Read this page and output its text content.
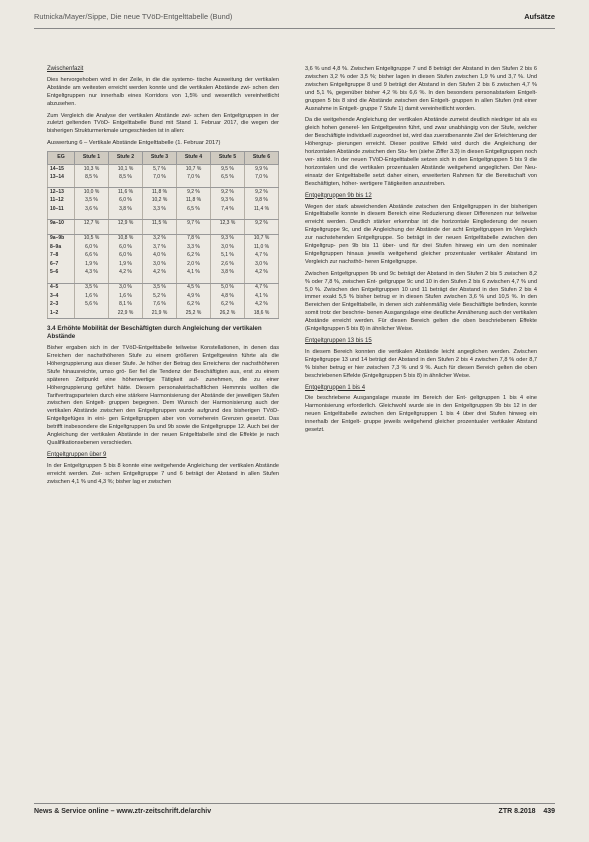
Rutnicka/Mayer/Sippe, Die neue TVöD-Entgelttabelle (Bund)	Aufsätze
Zwischenfazit

Dies hervorgehoben wird in der Zeile, in die die systemo- tische Ausweitung der vertikalen Abstände am weitesten erreicht werden konnte und die vertikalen Abstände zwi- schen den Entgeltgruppen nur innerhalb eines Korridors von 1,5% und wesentlich vereinheitlicht abzusehen.

Zum Vergleich die Analyse der vertikalen Abstände zwi- schen den Entgeltgruppen in der zuletzt geltenden TVöD- Entgelttabelle Bund mit Stand 1. Februar 2017, die wegen der bisherigen Strukturmerkmale umgeschieden ist in allen:

Auswertung 6 – Vertikale Abstände Entgelttabelle (1. Februar 2017)
EG	Stufe 1	Stufe 2	Stufe 3	Stufe 4	Stufe 5	Stufe 6
14–15	10,3 %	10,1 %	5,7 %	10,7 %	9,5 %	9,9 %
13–14	8,5 %	8,5 %	7,0 %	7,0 %	6,5 %	7,0 %

12–13	10,0 %	11,6 %	11,8 %	9,2 %	9,2 %	9,2 %
11–12	3,5 %	6,0 %	10,2 %	11,8 %	9,3 %	9,8 %
10–11	3,6 %	3,8 %	3,3 %	6,5 %	7,4 %	11,4 %

9a–10	12,7 %	12,9 %	11,5 %	9,7 %	12,3 %	9,2 %

9a–9b	10,5 %	10,8 %	3,2 %	7,8 %	9,3 %	10,7 %
8–9a	6,0 %	6,0 %	3,7 %	3,3 %	3,0 %	11,0 %
7–8	6,6 %	6,0 %	4,0 %	6,2 %	5,1 %	4,7 %
6–7	1,9 %	1,9 %	3,0 %	2,0 %	2,6 %	3,0 %
5–6	4,3 %	4,2 %	4,2 %	4,1 %	3,8 %	4,2 %

4–5	3,5 %	3,0 %	3,5 %	4,5 %	5,0 %	4,7 %
3–4	1,6 %	1,6 %	5,2 %	4,9 %	4,8 %	4,1 %
2–3	5,6 %	8,1 %	7,6 %	6,2 %	6,2 %	4,2 %
1–2		22,9 %	21,9 %	25,2 %	26,2 %	18,6 %
3.4 Erhöhte Mobilität der Beschäftigten durch Angleichung der vertikalen Abstände

Bisher ergaben sich in der TVöD-Entgelttabelle teilweise Konstellationen, in denen das Erreichen der nachsthöheren Stufe zu einem größeren Entgeltgewinn führte als die Höhergruppierung aus dieser Stufe. Je höher der Betrag des Erreichens der nachsthöheren Stufe hinausreichte, umso grö- ßer fiel die Tendenz der Beschäftigten aus, erst zu einem späteren Zeitpunkt eine höherwertige Tätigkeit auf- zunehmen, die zu einer Höhergruppierung geführt hätte. Diesem personalwirtschaftlichen Hemmnis wollten die Tarifvertragsparteien durch eine stärkere Harmonisierung der Abstände der jeweiligen Stufen zwischen den Entgelt- gruppen begegnen. Dem Wunsch der Harmonisierung auch der vertikalen Abstände zwischen den Entgeltgruppen wurde aufgrund des bisherigen TVöD-Entgeltgefüges in eini- gen Entgeltgruppen aber von vorneherein Grenzen gesetzt. Das betrifft insbesondere die Entgeltgruppen 9a und 9b sowie die Entgeltgruppe 12. Auch bei der Angleichung der vertikalen Abstände in der neuen Entgelttabelle sind die Effekte je nach Qualifikationsebenen verschieden.

Entgeltgruppen über 9

In der Entgeltgruppen 5 bis 8 konnte eine weitgehende Angleichung der vertikalen Abstände erreicht werden. Zwi- schen Entgeltgruppe 7 und 6 beträgt der Abstand in allen Stufen zwischen 4,1 % und 4,3 %; bisher lag er zwischen

3,6 % und 4,8 %. Zwischen Entgeltgruppe 7 und 8 beträgt der Abstand in den Stufen 2 bis 6 zwischen 3,2 % oder 3,5 %; bisher lagen in diesen Stufen zwischen 1,9 % und 3,7 %. Und zwischen Entgeltgruppe 8 und 9 beträgt der Abstand in den Stufen 2 bis 6 zwischen 4,7 % und 5,1 %, gegenüber bisher 4,2 % bis 6,6 %. In den besonders personalstarken Entgelt- gruppen 5 bis 8 sind die Abstände zwischen den Entgelt- gruppen in allen Stufen (mit einer Ausnahme in Entgelt- gruppe 7 Stufe 1) damit vereinheitlicht worden.

Da die weitgehende Angleichung der vertikalen Abstände zumeist deutlich niedriger ist als es gleich hohen generel- len Entgeltgewinn führt, und zwar unabhängig von der Stufe, welcher der Beschäftigte individuell zugeordnet ist, wird das zuerstbenannte Ziel der Erleichterung der Höhergrup- pierungen erreicht. Dieser positive Effekt wird durch die Angleichung der horizontalen Abstände zwischen den Stu- fen (siehe Ziffer 3.3) in diesen Entgeltgruppen noch ver- stärkt. In der neuen TVöD-Entgelttabelle setzen sich in den Entgeltgruppen 5 bis 9 die horizontalen und die vertikalen prozentualen Abstände weitgehend angeglichen. Der Neu- einsatz der Entgelttabelle setzt daher einen, erweiterten Rahmen für die Bereitschaft von Beschäftigten, höher- wertigere Tätigkeiten anzustreben.

Entgeltgruppen 9b bis 12

Wegen der stark abweichenden Abstände zwischen den Entgeltgruppen in der bisherigen Entgelttabelle konnte in diesem Bereich eine Reduzierung dieser Differenzen nur teilweise erreicht werden. Deutlich stärker erkennbar ist die horizontale Eingliederung der neuen Entgeltgruppe 9c, und die Angleichung der Abstände der acht Entgeltgruppen im Vergleich zur nachstehenden Entgeltgruppe. So beträgt in der neuen Entgelttabelle zwischen den Entgeltgrup- pen 9b bis 11 über- und für drei Stufen hinweg ein um den nominaler Entgeltgruppen hinaus jeweils weitgehend gleicher prozentualer vertikaler Abstand im Vergleich zur nachsthö- heren Entgeltgruppe.

Zwischen Entgeltgruppen 9b und 9c beträgt der Abstand in den Stufen 2 bis 5 zwischen 8,2 % oder 7,8 %, zwischen Ent- geltgruppe 9c und 10 in den Stufen 2 bis 6 zwischen 4,7 % und 5,0 %. Zwischen den Entgeltgruppen 10 und 11 beträgt der Abstand in den Stufen 2 bis 4 immer exakt 5,5 % bisher betrug er in diesen Stufen zwischen 3,6 % und 10,5 %. In den Bereichen der Entgelttabelle, in denen sich zahlenmäßig viele Beschäftigte befinden, konnte somit trotz der beschrie- benen Ausgangslage eine deutliche Annäherung auch der vertikalen Abstände erreicht werden. Für diesen Bereich gelten die oben beschriebenen Effekte (Entgeltgruppen 5 bis 8) in ähnlicher Weise.

Entgeltgruppen 13 bis 15

In diesem Bereich konnten die vertikalen Abstände leicht angeglichen werden. Zwischen Entgeltgruppe 13 und 14 beträgt der Abstand in den Stufen 2 bis 4 zwischen 7,8 % oder 8,7 % bisher betrug er hier zwischen 7,3 % und 9 %. Auch für diesen Bereich gelten die oben beschriebenen Effekte (Entgeltgruppen 5 bis 8) in ähnlicher Weise.

Entgeltgruppen 1 bis 4

Die beschriebene Ausgangslage musste im Bereich der Ent- geltgruppen 1 bis 4 eine Harmonisierung erforderlich. Gleichwohl wurde sie in den Entgeltgruppen 9b bis 12 in der neuen Entgelttabelle zwischen den Entgeltgruppen 1 bis 4 über drei Stufen hinweg ein innerhalb der Entgelt- gruppe jeweils weitgehend gleicher prozentualer vertikaler Abstand gesetzt.

News & Service online – www.ztr-zeitschrift.de/archiv	ZTR 8.2018 439
